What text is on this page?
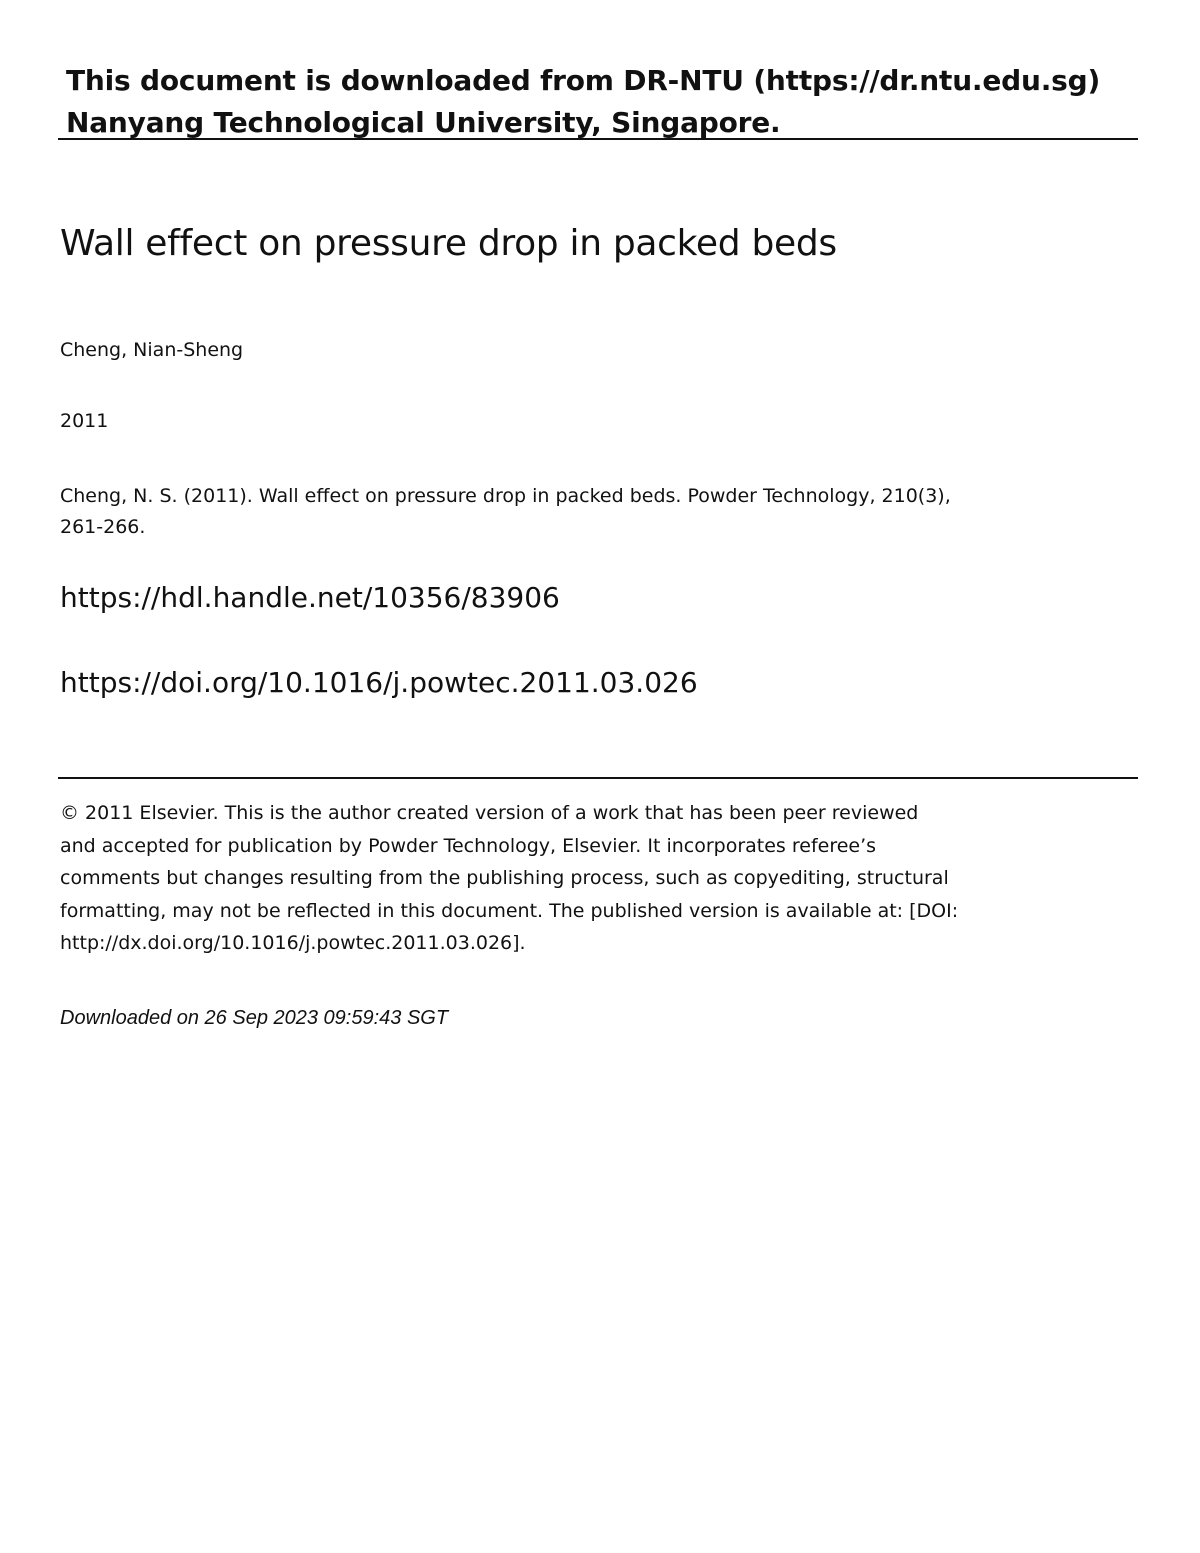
This document is downloaded from DR-NTU (https://dr.ntu.edu.sg)
Nanyang Technological University, Singapore.
Wall effect on pressure drop in packed beds
Cheng, Nian-Sheng
2011
Cheng, N. S. (2011). Wall effect on pressure drop in packed beds. Powder Technology, 210(3), 261-266.
https://hdl.handle.net/10356/83906
https://doi.org/10.1016/j.powtec.2011.03.026
© 2011 Elsevier. This is the author created version of a work that has been peer reviewed and accepted for publication by Powder Technology, Elsevier. It incorporates referee’s comments but changes resulting from the publishing process, such as copyediting, structural formatting, may not be reflected in this document. The published version is available at: [DOI: http://dx.doi.org/10.1016/j.powtec.2011.03.026].
Downloaded on 26 Sep 2023 09:59:43 SGT
